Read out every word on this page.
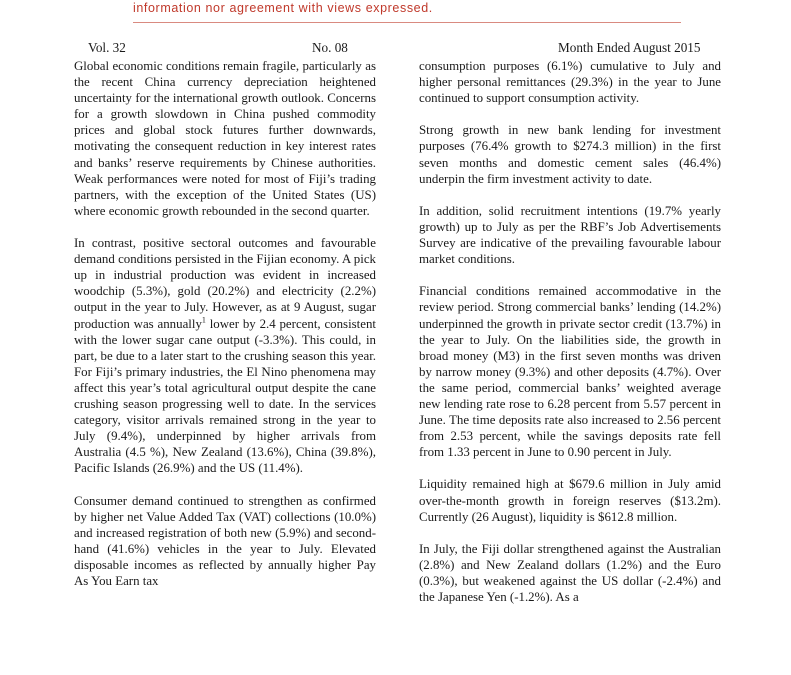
information nor agreement with views expressed.
Vol. 32	No. 08	Month Ended August 2015

Global economic conditions remain fragile, particularly as the recent China currency depreciation heightened uncertainty for the international growth outlook. Concerns for a growth slowdown in China pushed commodity prices and global stock futures further downwards, motivating the consequent reduction in key interest rates and banks’ reserve requirements by Chinese authorities. Weak performances were noted for most of Fiji’s trading partners, with the exception of the United States (US) where economic growth rebounded in the second quarter.

In contrast, positive sectoral outcomes and favourable demand conditions persisted in the Fijian economy. A pick up in industrial production was evident in increased woodchip (5.3%), gold (20.2%) and electricity (2.2%) output in the year to July. However, as at 9 August, sugar production was annually$^1$ lower by 2.4 percent, consistent with the lower sugar cane output (-3.3%). This could, in part, be due to a later start to the crushing season this year. For Fiji’s primary industries, the El Nino phenomena may affect this year’s total agricultural output despite the cane crushing season progressing well to date. In the services category, visitor arrivals remained strong in the year to July (9.4%), underpinned by higher arrivals from Australia (4.5 %), New Zealand (13.6%), China (39.8%), Pacific Islands (26.9%) and the US (11.4%).

Consumer demand continued to strengthen as confirmed by higher net Value Added Tax (VAT) collections (10.0%) and increased registration of both new (5.9%) and second-hand (41.6%) vehicles in the year to July. Elevated disposable incomes as reflected by annually higher Pay As You Earn tax

consumption purposes (6.1%) cumulative to July and higher personal remittances (29.3%) in the year to June continued to support consumption activity.

Strong growth in new bank lending for investment purposes (76.4% growth to $274.3 million) in the first seven months and domestic cement sales (46.4%) underpin the firm investment activity to date.

In addition, solid recruitment intentions (19.7% yearly growth) up to July as per the RBF’s Job Advertisements Survey are indicative of the prevailing favourable labour market conditions.

Financial conditions remained accommodative in the review period. Strong commercial banks’ lending (14.2%) underpinned the growth in private sector credit (13.7%) in the year to July. On the liabilities side, the growth in broad money (M3) in the first seven months was driven by narrow money (9.3%) and other deposits (4.7%). Over the same period, commercial banks’ weighted average new lending rate rose to 6.28 percent from 5.57 percent in June. The time deposits rate also increased to 2.56 percent from 2.53 percent, while the savings deposits rate fell from 1.33 percent in June to 0.90 percent in July.

Liquidity remained high at $679.6 million in July amid over-the-month growth in foreign reserves ($13.2m). Currently (26 August), liquidity is $612.8 million.

In July, the Fiji dollar strengthened against the Australian (2.8%) and New Zealand dollars (1.2%) and the Euro (0.3%), but weakened against the US dollar (-2.4%) and the Japanese Yen (-1.2%). As a
